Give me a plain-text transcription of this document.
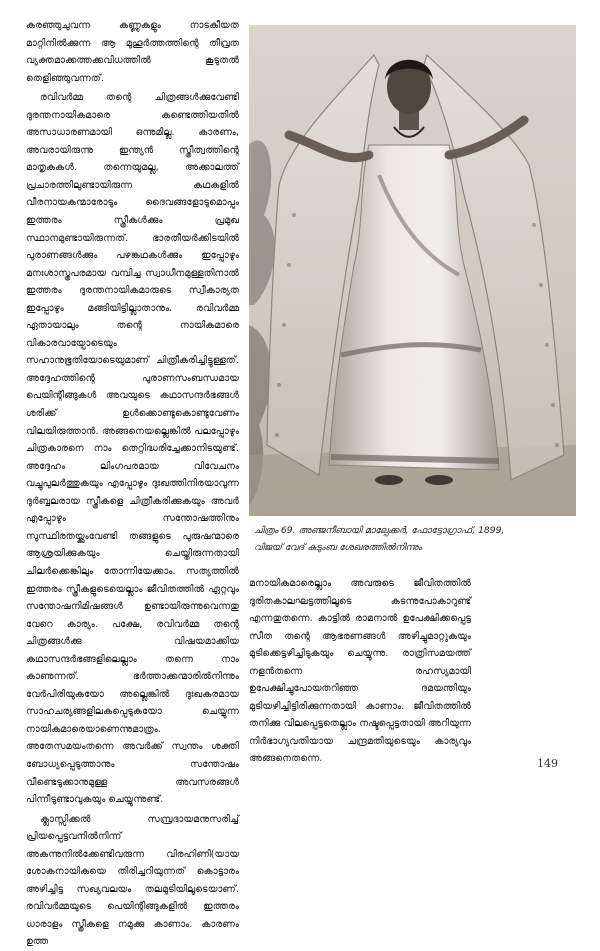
കരഞ്ഞുചുവന്ന കണ്ണുകളും നാടകീയത മാറ്റിനിൽക്കുന്ന ആ മുഹൂർത്തത്തിന്റെ തീവ്രത വ്യക്തമാക്കത്തക്കവിധത്തിൽ കൂടുതൽ തെളിഞ്ഞുവന്നത്.

രവിവർമ്മ തന്റെ ചിത്രങ്ങൾക്കുവേണ്ടി ദുരന്തനായികമാരെ കണ്ടെത്തിയതിൽ അസാധാരണമായി ഒന്നുമില്ല. കാരണം, അവരായിരുന്നു ഇന്ത്യൻ സ്ത്രീത്വത്തിന്റെ മാതൃകകൾ. തന്നെയുമല്ല, അക്കാലത്ത് പ്രചാരത്തിലുണ്ടായിരുന്ന കഥകളിൽ വീരനായകന്മാരോടും ദൈവങ്ങളോടുമൊപ്പം ഇത്തരം സ്ത്രീകൾക്കും പ്രമുഖ സ്ഥാനമുണ്ടായിരുന്നത്. ഭാരതീയർക്കിടയിൽ പുരാണങ്ങൾക്കും പഴങ്കഥകൾക്കും ഇപ്പോഴും മനഃശാസ്ത്രപരമായ വമ്പിച്ച സ്വാധീനമുള്ളതിനാൽ ഇത്തരം ദുരന്തനായികമാരുടെ സ്വീകാര്യത ഇപ്പോഴും മങ്ങിയിട്ടില്ലാതാനും. രവിവർമ്മ ഏതായാലും തന്റെ നായികമാരെ വികാരവായ്പോടെയും സഹാനുഭൂതിയോടെയുമാണ് ചിത്രീകരിച്ചിട്ടുള്ളത്. അദ്ദേഹത്തിന്റെ പുരാണസംബന്ധമായ പെയിന്റിങ്ങുകൾ അവയുടെ കഥാസന്ദർഭങ്ങൾ ശരിക്ക് ഉൾക്കൊണ്ടുകൊണ്ടുവേണം വിലയിരുത്താൻ. അങ്ങനെയല്ലെങ്കിൽ പലപ്പോഴും ചിത്രകാരനെ നാം തെറ്റിദ്ധരിച്ചേക്കാനിടയുണ്ട്. അദ്ദേഹം ലിംഗപരമായ വിവേചനം വച്ചുപുലർത്തുകയും എപ്പോഴും ദുഃഖത്തിനിരയാവുന്ന ദുർബ്ബലരായ സ്ത്രീകളെ ചിത്രീകരിക്കുകയും അവർ എപ്പോഴും സന്തോഷത്തിനും സുസ്ഥിരതയ്ക്കുംവേണ്ടി തങ്ങളുടെ പുരുഷന്മാരെ ആശ്രയിക്കുകയും ചെയ്തിരുന്നതായി ചിലർക്കെങ്കിലും തോന്നിയേക്കാം. സത്യത്തിൽ ഇത്തരം സ്ത്രീകളുടെയെല്ലാം ജീവിതത്തിൽ ഏറ്റവും സന്തോഷനിമിഷങ്ങൾ ഉണ്ടായിരുന്നുവെന്നതു വേറെ കാര്യം. പക്ഷേ, രവിവർമ്മ തന്റെ ചിത്രങ്ങൾക്കു വിഷയമാക്കിയ കഥാസന്ദർഭങ്ങളിലെല്ലാം തന്നെ നാം കാണുന്നത്. ഭർത്താക്കന്മാരിൽനിന്നും വേർപിരിയുകയോ അല്ലെങ്കിൽ ദുഃഖകരമായ സാഹചര്യങ്ങളിലകപ്പെടുകയോ ചെയ്യുന്ന നായികമാരെയാണെന്നുമാത്രം. അതേസമയംതന്നെ അവർക്ക് സ്വന്തം ശക്തി ബോധ്യപ്പെടുത്താനും സന്തോഷം വീണ്ടെടുക്കാനുമുള്ള അവസരങ്ങൾ പിന്നീടുണ്ടാവുകയും ചെയ്യുന്നുണ്ട്.

ക്ലാസ്സിക്കൽ സമ്പ്രദായമനുസരിച്ച് പ്രിയപ്പെട്ടവനിൽനിന്ന് അകന്നുനിൽക്കേണ്ടിവരുന്ന വിരഹിണി(യായ ശോകനായികയെ തിരിച്ചറിയുന്നത് കൊട്ടാരം അഴിച്ചിട്ട സഖ്യവലയം തലമുടിയിലൂടെയാണ്. രവിവർമ്മയുടെ പെയിന്റിങ്ങുകളിൽ ഇത്തരം ധാരാളം സ്ത്രീകളെ നമുക്കു കാണാം. കാരണം ഉത്ത

ചിത്രം 69. അഞ്ജനീബായി മാല്പേക്കർ, ഫോട്ടോഗ്രാഫ്, 1899,
വിജയ് വേദ് കുടുംബ ശേഖരത്തിൽനിന്നും

മനായികമാരെല്ലാം അവരുടെ ജീവിതത്തിൽ ദുരിതകാലഘട്ടത്തിലൂടെ കടന്നുപോകാറുണ്ട് എന്നതുതന്നെ. കാട്ടിൽ രാമനാൽ ഉപേക്ഷിക്കപ്പെട്ട സീത തന്റെ ആഭരണങ്ങൾ അഴിച്ചുമാറ്റുകയും മുടിക്കെട്ടഴിച്ചിടുകയും ചെയ്യുന്നു. രാത്രിസമയത്ത് നളൻതന്നെ രഹസ്യമായി ഉപേക്ഷിച്ചുപോയതറിഞ്ഞ ദമയന്തിയും മുടിയഴിച്ചിട്ടിരിക്കുന്നതായി കാണാം. ജീവിതത്തിൽ തനിക്കു വിലപ്പെട്ടതെല്ലാം നഷ്ടപ്പെട്ടതായി അറിയുന്ന നിർഭാഗ്യവതിയായ ചന്ദ്രമതിയുടെയും കാര്യവും അങ്ങനെതന്നെ.	149
